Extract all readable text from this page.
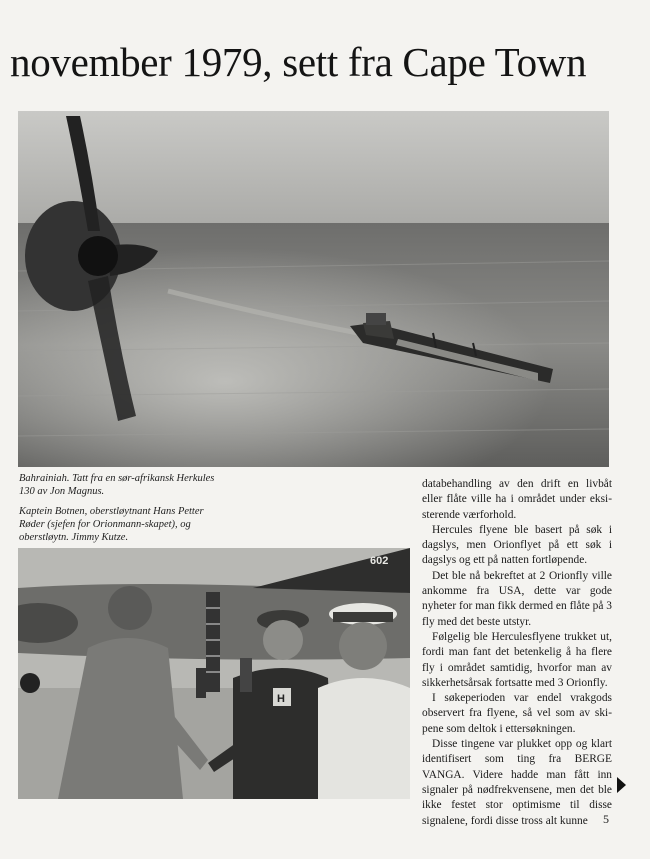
november 1979, sett fra Cape Town
Bahrainiah. Tatt fra en sør-afrikansk Herkules 130 av Jon Magnus.
Kaptein Botnen, oberstløytnant Hans Petter Røder (sjefen for Orionmann-skapet), og oberstløytn. Jimmy Kutze.
602
H

databehandling av den drift en livbåt eller flåte ville ha i området under eksi-sterende værforhold.

Hercules flyene ble basert på søk i dagslys, men Orionflyet på ett søk i dagslys og ett på natten fortløpende.

Det ble nå bekreftet at 2 Orionfly ville ankomme fra USA, dette var gode nyheter for man fikk dermed en flåte på 3 fly med det beste utstyr.

Følgelig ble Herculesflyene trukket ut, fordi man fant det betenkelig å ha flere fly i området samtidig, hvorfor man av sikkerhetsårsak fortsatte med 3 Orionfly.

I søkeperioden var endel vrakgods observert fra flyene, så vel som av ski-pene som deltok i ettersøkningen.

Disse tingene var plukket opp og klart identifisert som ting fra BERGE VANGA. Videre hadde man fått inn signaler på nødfrekvensene, men det ble ikke festet stor optimisme til disse signalene, fordi disse tross alt kunne	5
